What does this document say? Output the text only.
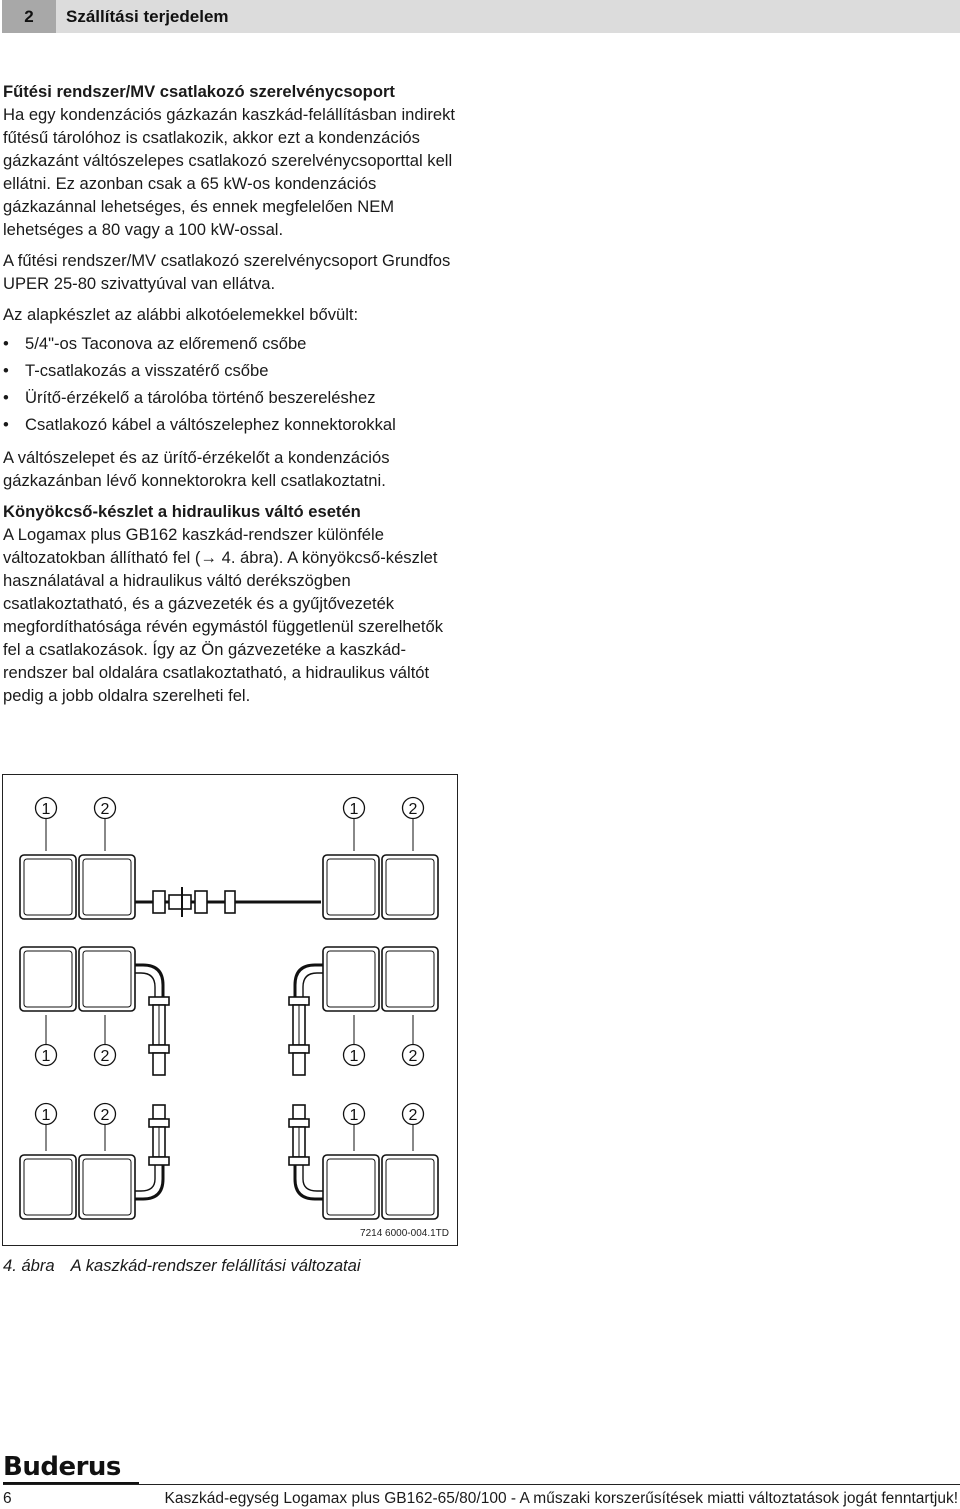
2	Szállítási terjedelem
Fűtési rendszer/MV csatlakozó szerelvénycsoport

Ha egy kondenzációs gázkazán kaszkád-felállításban indirekt fűtésű tárolóhoz is csatlakozik, akkor ezt a kondenzációs gázkazánt váltószelepes csatlakozó szerelvénycsoporttal kell ellátni. Ez azonban csak a 65 kW-os kondenzációs gázkazánnal lehetséges, és ennek megfelelően NEM lehetséges a 80 vagy a 100 kW-ossal.

A fűtési rendszer/MV csatlakozó szerelvénycsoport Grundfos UPER 25-80 szivattyúval van ellátva.

Az alapkészlet az alábbi alkotóelemekkel bővült:

• 5/4"-os Taconova az előremenő csőbe
• T-csatlakozás a visszatérő csőbe
• Ürítő-érzékelő a tárolóba történő beszereléshez
• Csatlakozó kábel a váltószelephez konnektorokkal

A váltószelepet és az ürítő-érzékelőt a kondenzációs gázkazánban lévő konnektorokra kell csatlakoztatni.

Könyökcső-készlet a hidraulikus váltó esetén

A Logamax plus GB162 kaszkád-rendszer különféle változatokban állítható fel (→ 4. ábra). A könyökcső-készlet használatával a hidraulikus váltó derékszögben csatlakoztatható, és a gázvezeték és a gyűjtővezeték megfordíthatósága révén egymástól függetlenül szerelhetők fel a csatlakozások. Így az Ön gázvezetéke a kaszkád-rendszer bal oldalára csatlakoztatható, a hidraulikus váltót pedig a jobb oldalra szerelheti fel.

1	2	1	2
1	2	1	2
1	2	1	2
7214 6000-004.1TD
4. ábra A kaszkád-rendszer felállítási változatai
Buderus
6	Kaszkád-egység Logamax plus GB162-65/80/100 - A műszaki korszerűsítések miatti változtatások jogát fenntartjuk!
